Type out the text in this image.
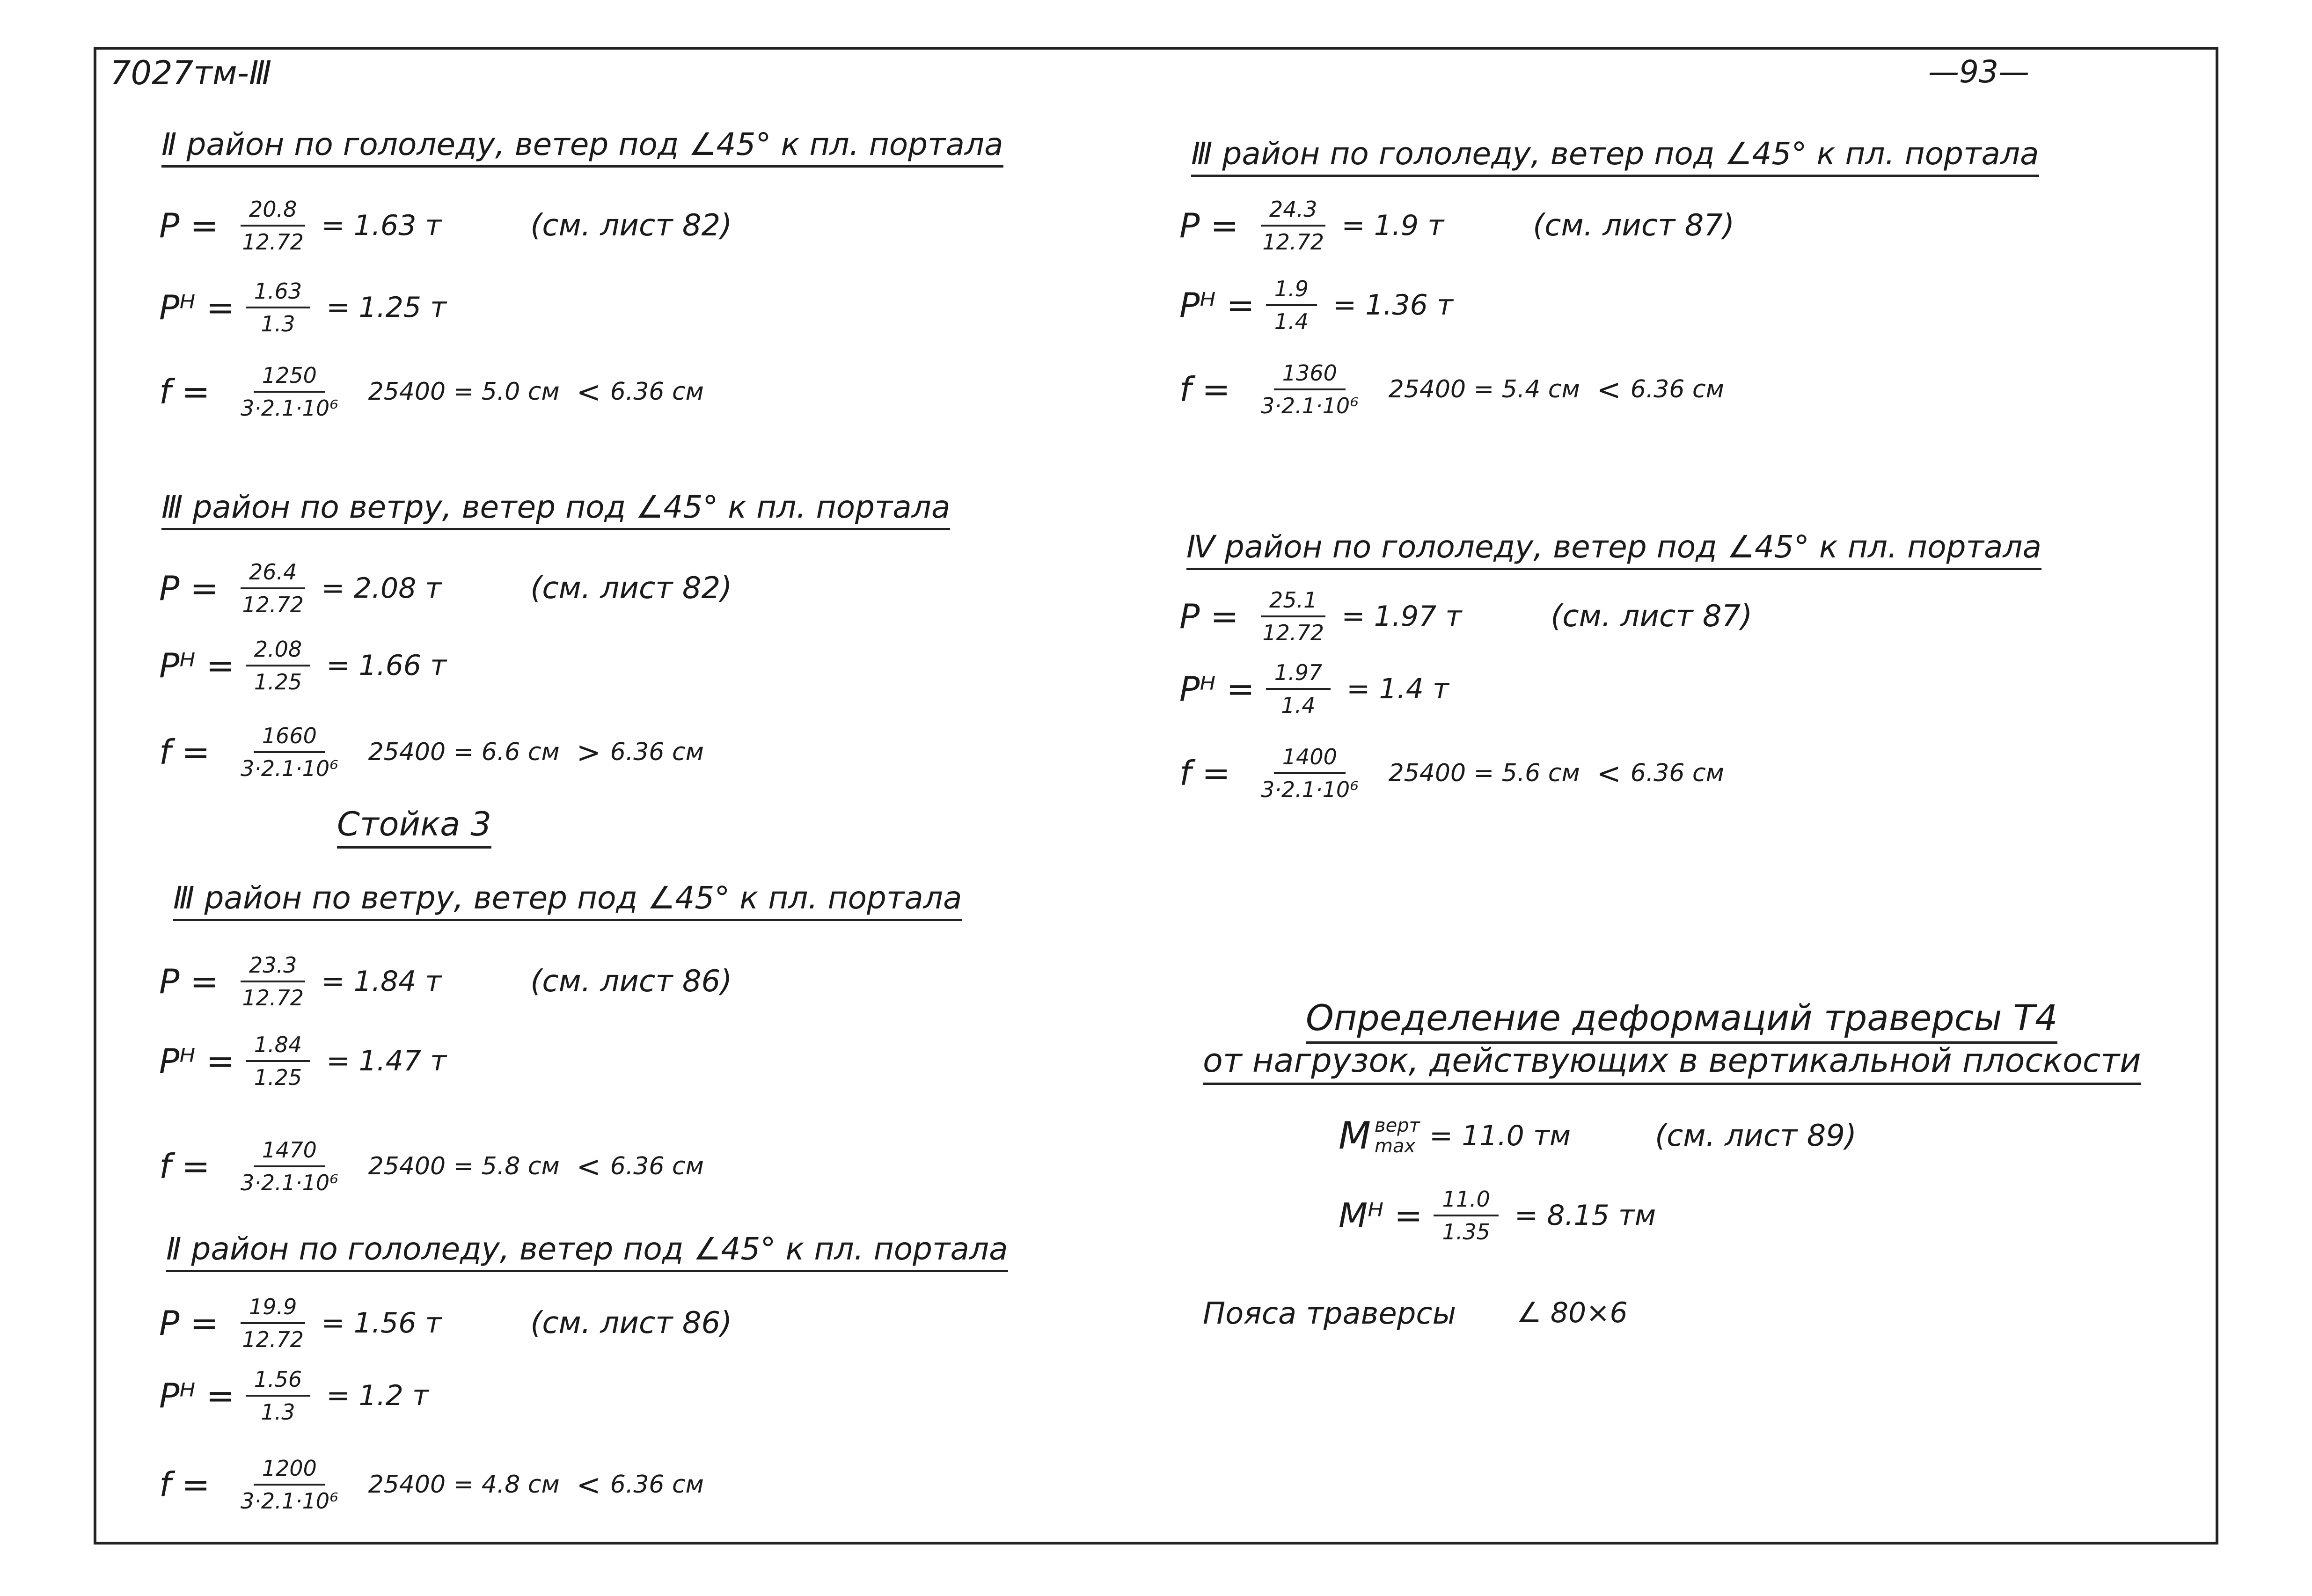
7027тм-Ⅲ	—93—
Ⅱ район по гололеду, ветер под ∠45° к пл. портала
P =	$\frac{20.8}{12.72} = 1.63$ т	(см. лист 82)
Pᴴ = $\frac{1.63}{1.3} = 1.25$ т
f =	$\frac{1250}{\text{3·2.1·10⁶}} 25400 = 5.0$ см < 6.36 см
Ⅲ район по ветру, ветер под ∠45° к пл. портала
P =	$\frac{26.4}{12.72} = 2.08$ т	(см. лист 82)
Pᴴ = $\frac{2.08}{1.25} = 1.66$ т
f =	$\frac{1660}{\text{3·2.1·10⁶}} 25400 = 6.6$ см > 6.36 см
Стойка 3
Ⅲ район по ветру, ветер под ∠45° к пл. портала
P =	$\frac{23.3}{12.72} = 1.84$ т	(см. лист 86)
Pᴴ = $\frac{1.84}{1.25} = 1.47$ т
f =	$\frac{1470}{\text{3·2.1·10⁶}} 25400 = 5.8$ см < 6.36 см
Ⅱ район по гололеду, ветер под ∠45° к пл. портала
P =	$\frac{19.9}{12.72} = 1.56$ т	(см. лист 86)
Pᴴ = $\frac{1.56}{1.3} = 1.2$ т
f =	$\frac{1200}{\text{3·2.1·10⁶}} 25400 = 4.8$ см < 6.36 см
Ⅲ район по гололеду, ветер под ∠45° к пл. портала
P =	$\frac{24.3}{12.72} = 1.9$ т	(см. лист 87)
Pᴴ = $\frac{1.9}{1.4} = 1.36$ т
f =	$\frac{1360}{\text{3·2.1·10⁶}} 25400 = 5.4$ см < 6.36 см
Ⅳ район по гололеду, ветер под ∠45° к пл. портала
P =	$\frac{25.1}{12.72} = 1.97$ т	(см. лист 87)
Pᴴ = $\frac{1.97}{1.4} = 1.4$ т
f =	$\frac{1400}{\text{3·2.1·10⁶}} 25400 = 5.6$ см < 6.36 см
Определение деформаций траверсы Т4
от нагрузок, действующих в вертикальной плоскости
M верт
max = 11.0 тм	(см. лист 89)
Mᴴ = $\frac{11.0}{1.35} = 8.15$ тм
Пояса траверсы ∠ 80×6
